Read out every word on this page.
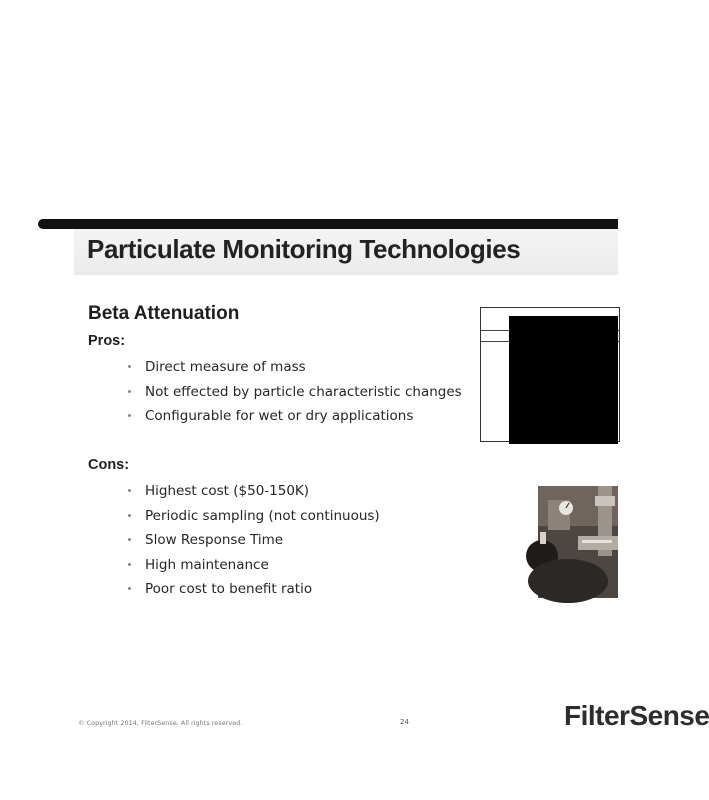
Particulate Monitoring Technologies
Beta Attenuation
Pros:
Direct measure of mass
Not effected by particle characteristic changes
Configurable for wet or dry applications
Cons:
Highest cost ($50-150K)
Periodic sampling (not continuous)
Slow Response Time
High maintenance
Poor cost to benefit ratio
© Copyright 2014, FilterSense. All rights reserved.	24	FilterSense
